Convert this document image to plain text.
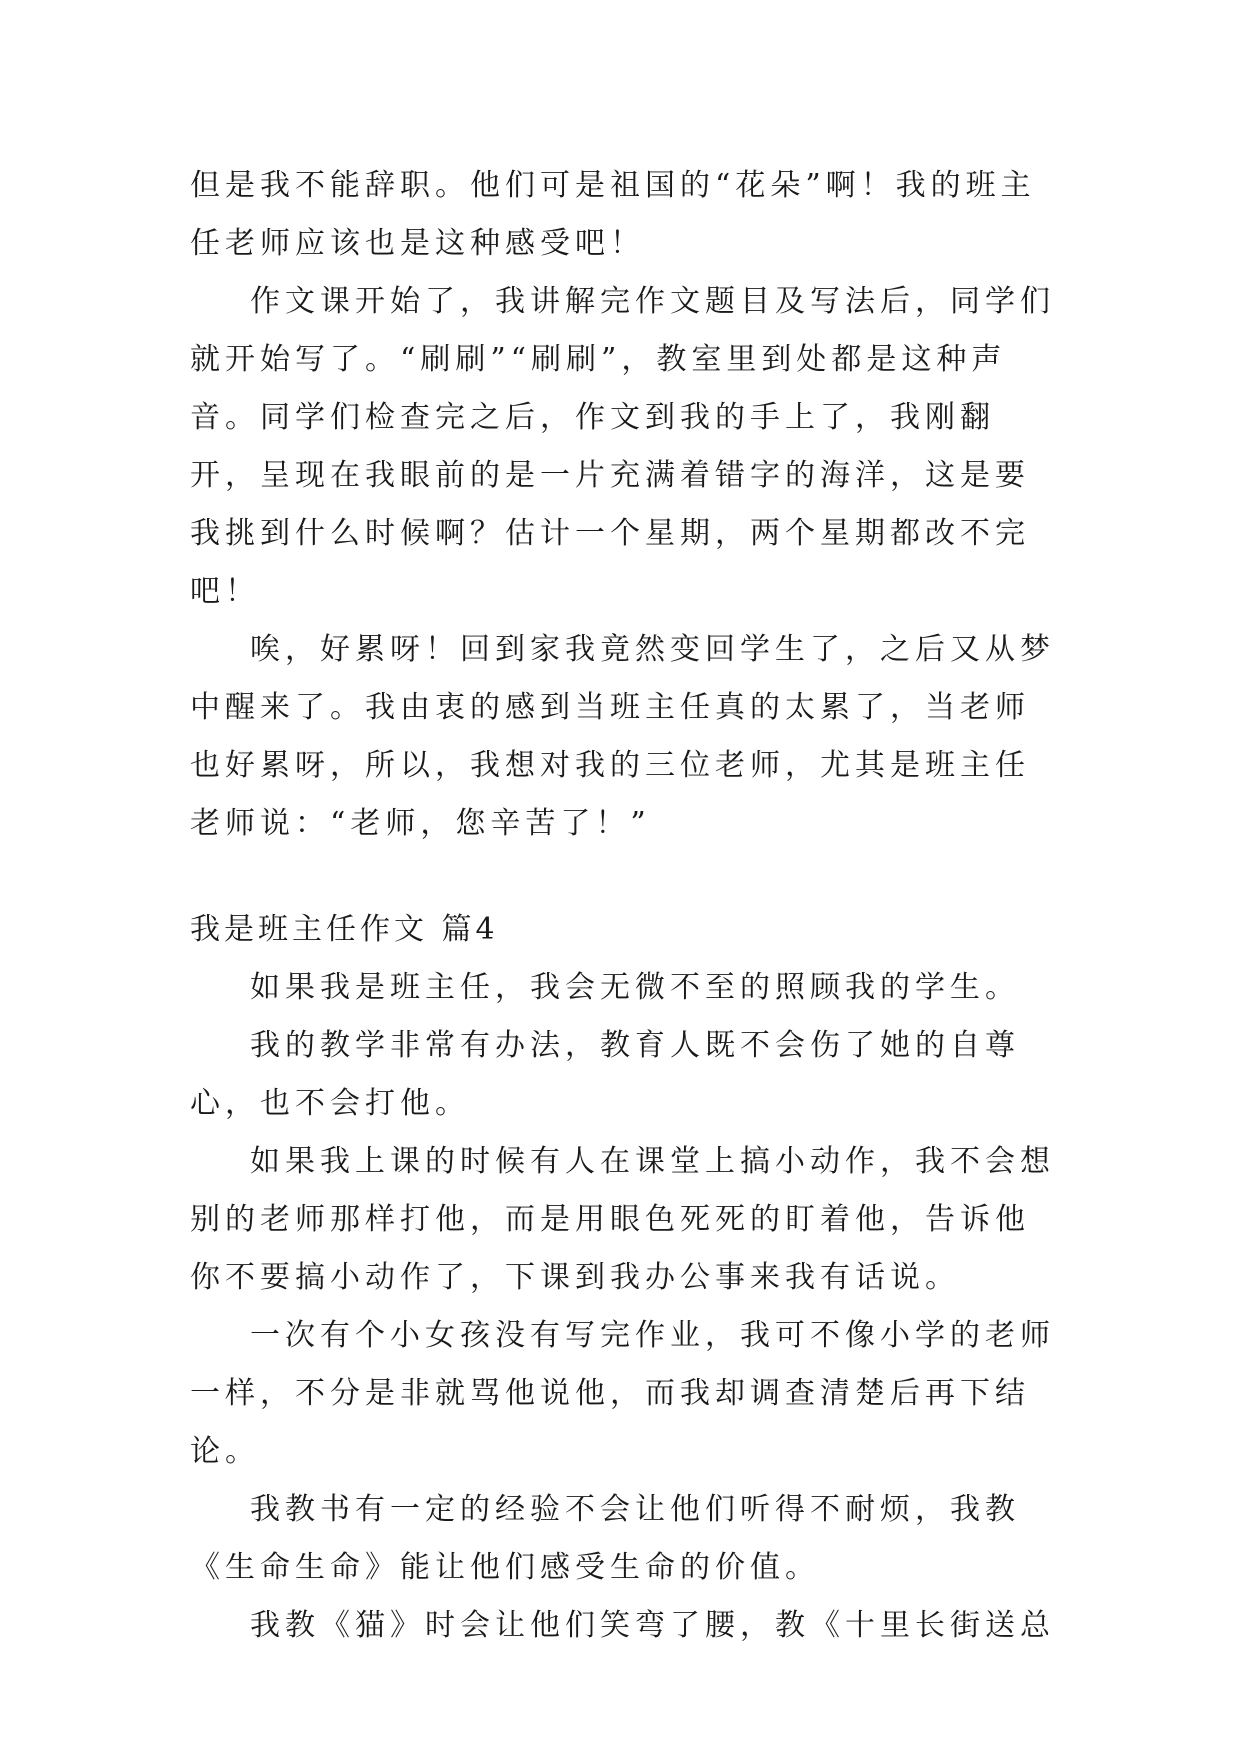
但是我不能辞职。他们可是祖国的“花朵”啊！我的班主任老师应该也是这种感受吧！

作文课开始了，我讲解完作文题目及写法后，同学们就开始写了。“刷刷”“刷刷”，教室里到处都是这种声音。同学们检查完之后，作文到我的手上了，我刚翻开，呈现在我眼前的是一片充满着错字的海洋，这是要我挑到什么时候啊？估计一个星期，两个星期都改不完吧！

唉，好累呀！回到家我竟然变回学生了，之后又从梦中醒来了。我由衷的感到当班主任真的太累了，当老师也好累呀，所以，我想对我的三位老师，尤其是班主任老师说：“老师，您辛苦了！”

我是班主任作文 篇4

如果我是班主任，我会无微不至的照顾我的学生。

我的教学非常有办法，教育人既不会伤了她的自尊心，也不会打他。

如果我上课的时候有人在课堂上搞小动作，我不会想别的老师那样打他，而是用眼色死死的盯着他，告诉他你不要搞小动作了，下课到我办公事来我有话说。

一次有个小女孩没有写完作业，我可不像小学的老师一样，不分是非就骂他说他，而我却调查清楚后再下结论。

我教书有一定的经验不会让他们听得不耐烦，我教《生命生命》能让他们感受生命的价值。

我教《猫》时会让他们笑弯了腰，教《十里长街送总
